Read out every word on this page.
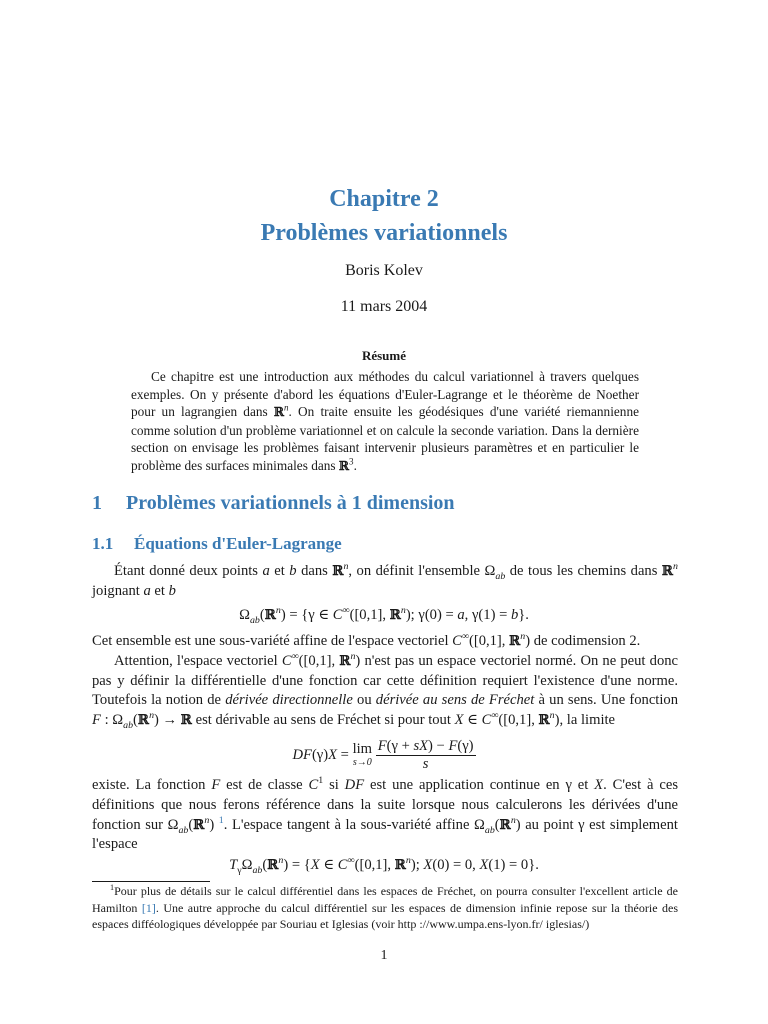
Chapitre 2
Problèmes variationnels
Boris Kolev
11 mars 2004
Résumé

Ce chapitre est une introduction aux méthodes du calcul variationnel à travers quelques exemples. On y présente d'abord les équations d'Euler-Lagrange et le théorème de Noether pour un lagrangien dans ℝ$^n$. On traite ensuite les géodésiques d'une variété riemannienne comme solution d'un problème variationnel et on calcule la seconde variation. Dans la dernière section on envisage les problèmes faisant intervenir plusieurs paramètres et en particulier le problème des surfaces minimales dans ℝ$^3$.

1 Problèmes variationnels à 1 dimension
1.1 Équations d'Euler-Lagrange

Étant donné deux points a et b dans ℝ$^n$, on définit l'ensemble $\Omega_{ab}$ de tous les chemins dans ℝ$^n$ joignant a et b

$\Omega_{ab}(ℝ^n) = \{\gamma$ ∈ C∞([0,1], ℝ$^n$); γ(0) = a, γ(1) = b}.

Cet ensemble est une sous-variété affine de l'espace vectoriel C∞([0,1], ℝ$^n$) de codimension 2.

Attention, l'espace vectoriel C∞([0,1], ℝ$^n$) n'est pas un espace vectoriel normé. On ne peut donc pas y définir la différentielle d'une fonction car cette définition requiert l'existence d'une norme. Toutefois la notion de dérivée directionnelle ou dérivée au sens de Fréchet à un sens. Une fonction F : $\Omega_{ab}(ℝ^n)$ → ℝ est dérivable au sens de Fréchet si pour tout X ∈ C∞([0,1], ℝ$^n$), la limite

DF(γ)X = lim
s→0
$\frac{F(\gamma + sX) - F(\gamma)}{s}$

existe. La fonction F est de classe $C^1$ si DF est une application continue en γ et X. C'est à ces définitions que nous ferons référence dans la suite lorsque nous calculerons les dérivées d'une fonction sur $\Omega_{ab}(ℝ^n)$ $^1$. L'espace tangent à la sous-variété affine $\Omega_{ab}(ℝ^n)$ au point γ est simplement l'espace

$T_\gamma\Omega_{ab}(ℝ^n) = \{X$ ∈ C∞([0,1], ℝ$^n$); X(0) = 0, X(1) = 0}.

$^1$Pour plus de détails sur le calcul différentiel dans les espaces de Fréchet, on pourra consulter l'excellent article de Hamilton [1]. Une autre approche du calcul différentiel sur les espaces de dimension infinie repose sur la théorie des espaces difféologiques développée par Souriau et Iglesias (voir http ://www.umpa.ens-lyon.fr/ iglesias/)

1
